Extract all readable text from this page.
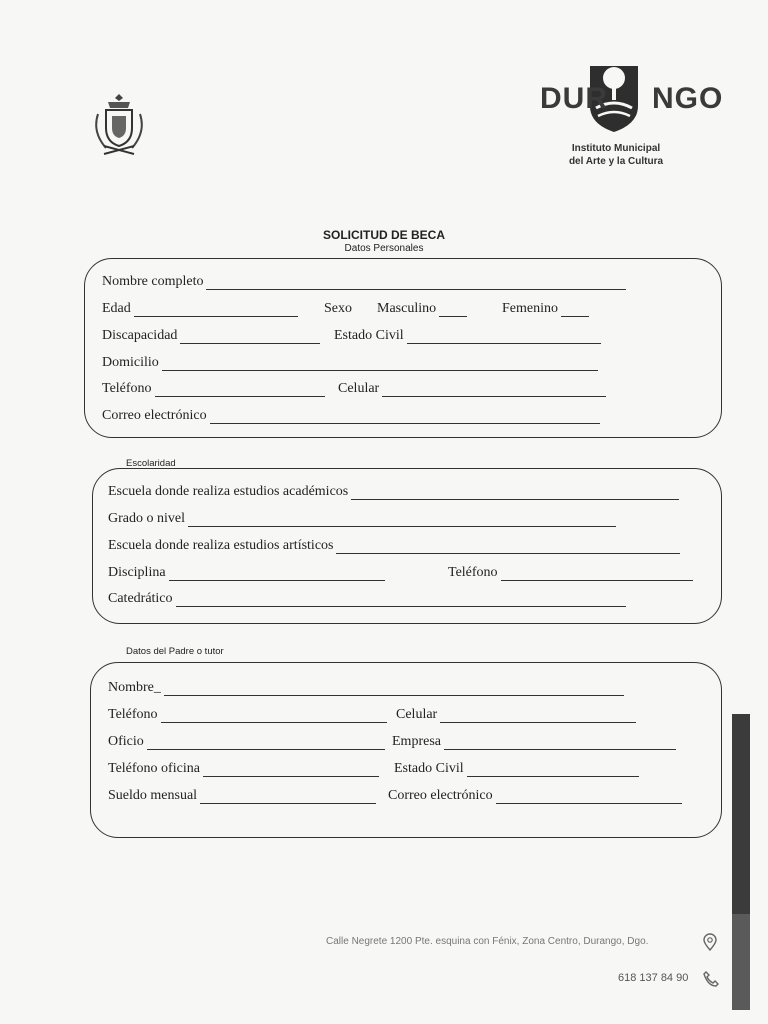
DUR NGO
Instituto Municipal
del Arte y la Cultura
SOLICITUD DE BECA
Datos Personales
Nombre completo
Edad	Sexo Masculino	Femenino
Discapacidad	Estado Civil
Domicilio
Teléfono	Celular
Correo electrónico
Escolaridad
Escuela donde realiza estudios académicos
Grado o nivel
Escuela donde realiza estudios artísticos
Disciplina	Teléfono
Catedrático
Datos del Padre o tutor
Nombre_
Teléfono	Celular
Oficio	Empresa
Teléfono oficina	Estado Civil
Sueldo mensual	Correo electrónico
Calle Negrete 1200 Pte. esquina con Fénix, Zona Centro, Durango, Dgo.
618 137 84 90
